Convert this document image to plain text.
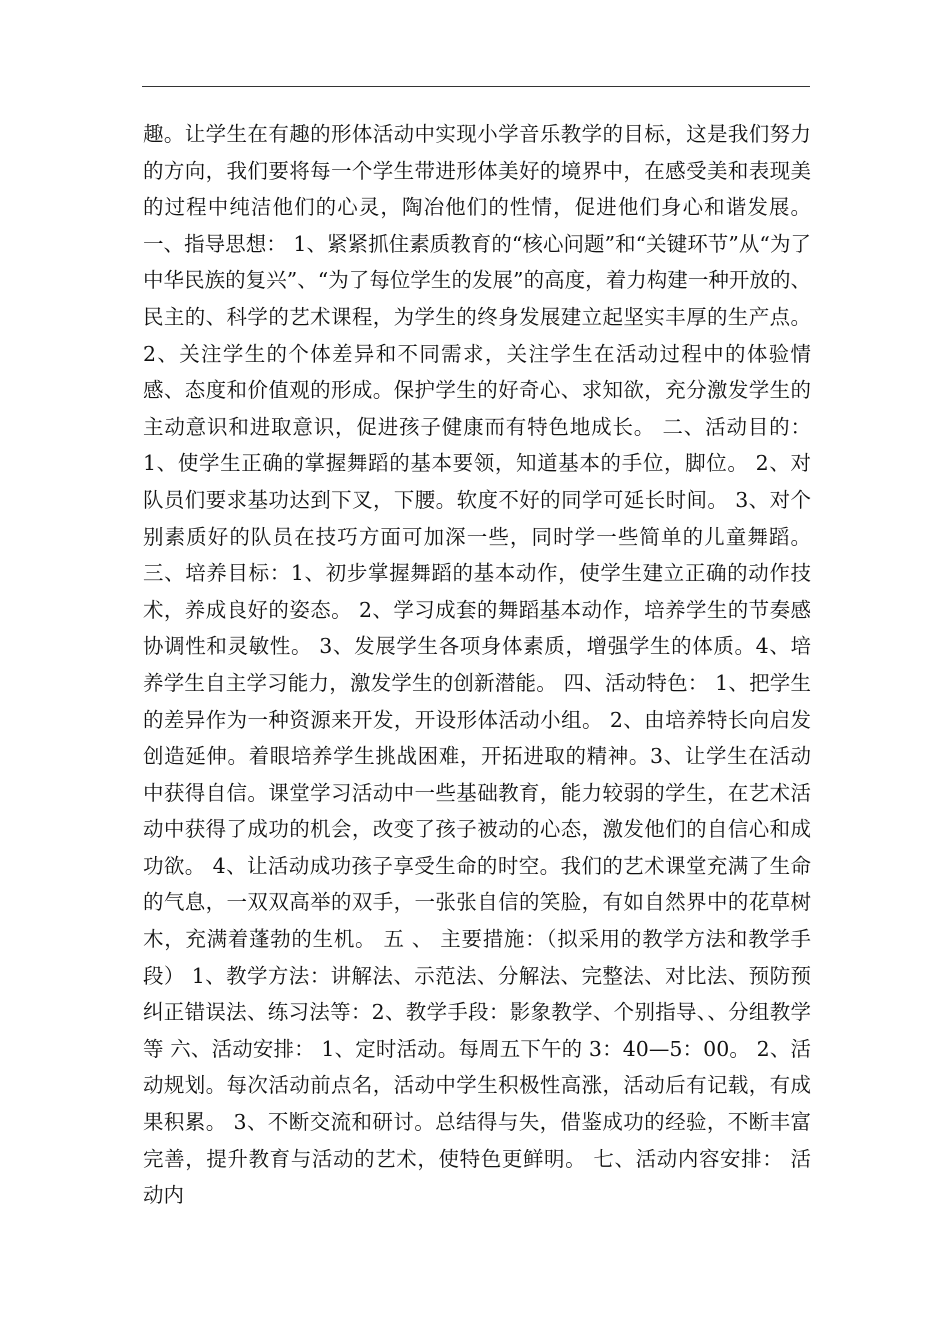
趣。让学生在有趣的形体活动中实现小学音乐教学的目标，这是我们努力的方向，我们要将每一个学生带进形体美好的境界中，在感受美和表现美的过程中纯洁他们的心灵，陶冶他们的性情，促进他们身心和谐发展。 一、指导思想： 1、紧紧抓住素质教育的“核心问题”和“关键环节”从“为了中华民族的复兴”、“为了每位学生的发展”的高度，着力构建一种开放的、民主的、科学的艺术课程，为学生的终身发展建立起坚实丰厚的生产点。 2、关注学生的个体差异和不同需求，关注学生在活动过程中的体验情感、态度和价值观的形成。保护学生的好奇心、求知欲，充分激发学生的主动意识和进取意识，促进孩子健康而有特色地成长。 二、活动目的： 1、使学生正确的掌握舞蹈的基本要领，知道基本的手位，脚位。 2、对队员们要求基功达到下叉，下腰。软度不好的同学可延长时间。 3、对个别素质好的队员在技巧方面可加深一些，同时学一些简单的儿童舞蹈。 三、培养目标：1、初步掌握舞蹈的基本动作，使学生建立正确的动作技术，养成良好的姿态。 2、学习成套的舞蹈基本动作，培养学生的节奏感协调性和灵敏性。 3、发展学生各项身体素质，增强学生的体质。4、培养学生自主学习能力，激发学生的创新潜能。 四、活动特色： 1、把学生的差异作为一种资源来开发，开设形体活动小组。 2、由培养特长向启发创造延伸。着眼培养学生挑战困难，开拓进取的精神。3、让学生在活动中获得自信。课堂学习活动中一些基础教育，能力较弱的学生，在艺术活动中获得了成功的机会，改变了孩子被动的心态，激发他们的自信心和成功欲。 4、让活动成功孩子享受生命的时空。我们的艺术课堂充满了生命的气息，一双双高举的双手，一张张自信的笑脸，有如自然界中的花草树木，充满着蓬勃的生机。 五 、 主要措施：（拟采用的教学方法和教学手段） 1、教学方法：讲解法、示范法、分解法、完整法、对比法、预防预纠正错误法、练习法等：2、教学手段：影象教学、个别指导、、分组教学等 六、活动安排： 1、定时活动。每周五下午的 3：40—5：00。 2、活动规划。每次活动前点名，活动中学生积极性高涨，活动后有记载，有成果积累。 3、不断交流和研讨。总结得与失，借鉴成功的经验，不断丰富完善，提升教育与活动的艺术，使特色更鲜明。 七、活动内容安排： 活动内
